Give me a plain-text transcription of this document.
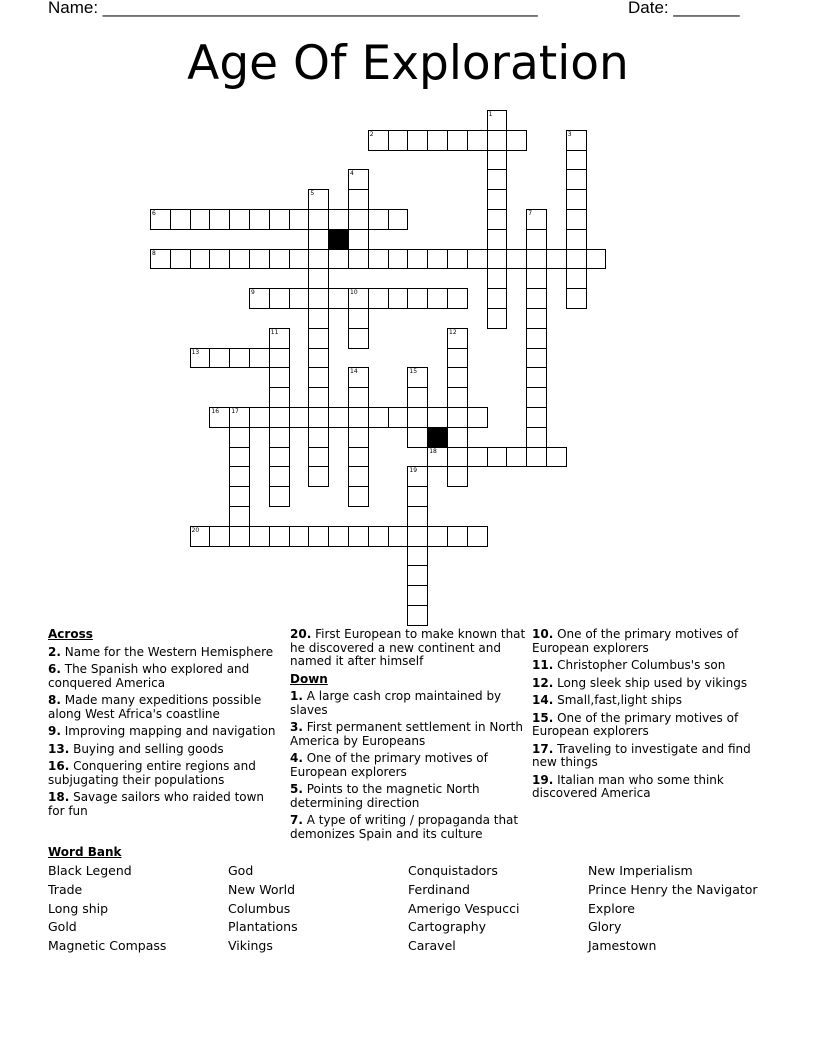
Name: ______________________________________________	Date: _______
Age Of Exploration
1
2	3
4
5
6	7
8
9	10
11	12
13
14	15
16 17
18
19
20
Across
2. Name for the Western Hemisphere
6. The Spanish who explored and conquered America
8. Made many expeditions possible along West Africa's coastline
9. Improving mapping and navigation
13. Buying and selling goods
16. Conquering entire regions and subjugating their populations
18. Savage sailors who raided town for fun
20. First European to make known that he discovered a new continent and named it after himself
Down
1. A large cash crop maintained by slaves
3. First permanent settlement in North America by Europeans
4. One of the primary motives of European explorers
5. Points to the magnetic North determining direction
7. A type of writing / propaganda that demonizes Spain and its culture
10. One of the primary motives of European explorers
11. Christopher Columbus's son
12. Long sleek ship used by vikings
14. Small,fast,light ships
15. One of the primary motives of European explorers
17. Traveling to investigate and find new things
19. Italian man who some think discovered America
Word Bank
Black Legend
Trade
Long ship
Gold
Magnetic Compass
God
New World
Columbus
Plantations
Vikings
Conquistadors
Ferdinand
Amerigo Vespucci
Cartography
Caravel
New Imperialism
Prince Henry the Navigator
Explore
Glory
Jamestown
